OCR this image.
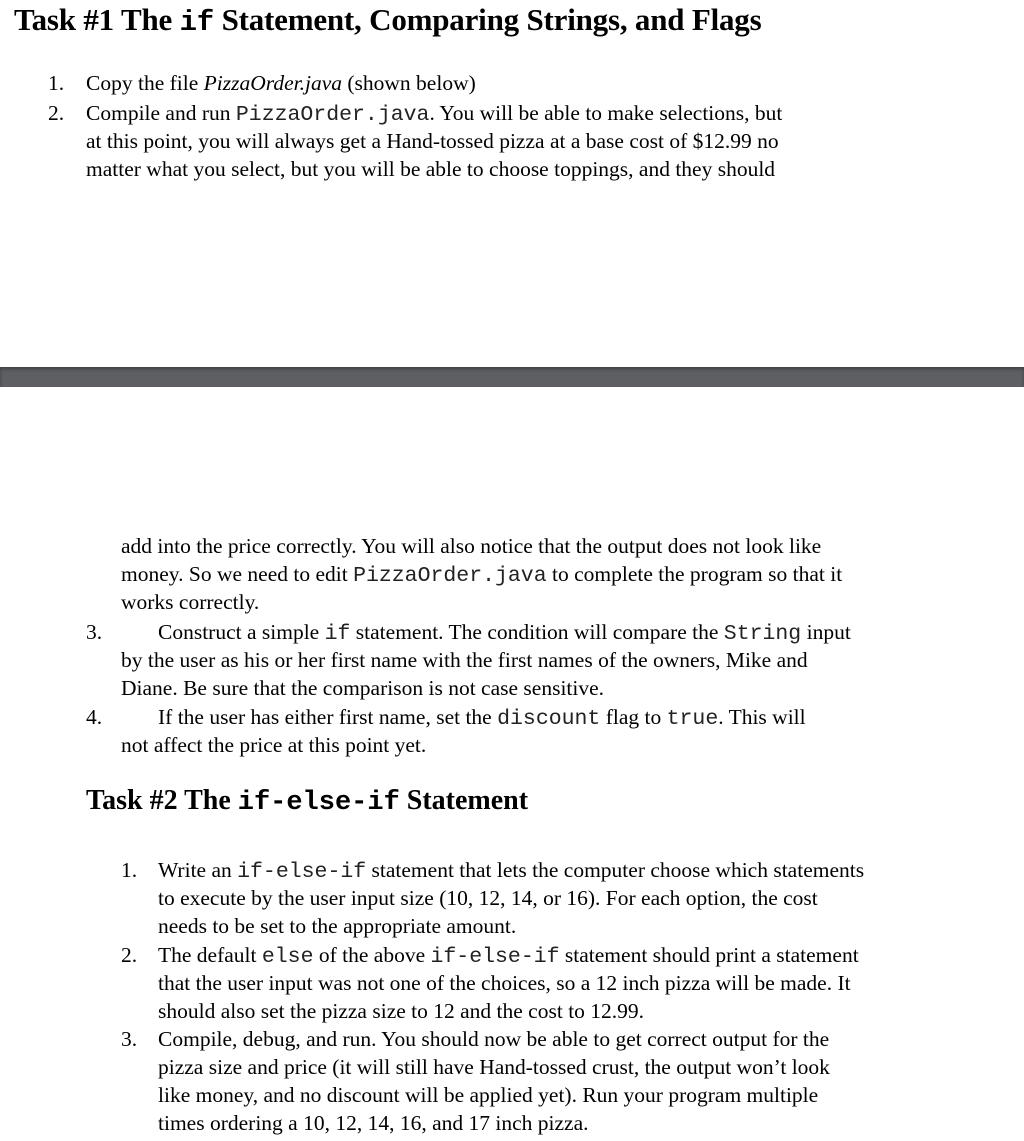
Task #1 The if Statement, Comparing Strings, and Flags
1. Copy the file PizzaOrder.java (shown below)
2. Compile and run PizzaOrder.java. You will be able to make selections, but
at this point, you will always get a Hand-tossed pizza at a base cost of $12.99 no
matter what you select, but you will be able to choose toppings, and they should
add into the price correctly. You will also notice that the output does not look like
money. So we need to edit PizzaOrder.java to complete the program so that it
works correctly.
3.	Construct a simple if statement. The condition will compare the String input
by the user as his or her first name with the first names of the owners, Mike and
Diane. Be sure that the comparison is not case sensitive.
4.	If the user has either first name, set the discount flag to true. This will
not affect the price at this point yet.
Task #2 The if-else-if Statement
1. Write an if-else-if statement that lets the computer choose which statements
to execute by the user input size (10, 12, 14, or 16). For each option, the cost
needs to be set to the appropriate amount.
2. The default else of the above if-else-if statement should print a statement
that the user input was not one of the choices, so a 12 inch pizza will be made. It
should also set the pizza size to 12 and the cost to 12.99.
3. Compile, debug, and run. You should now be able to get correct output for the
pizza size and price (it will still have Hand-tossed crust, the output won’t look
like money, and no discount will be applied yet). Run your program multiple
times ordering a 10, 12, 14, 16, and 17 inch pizza.
